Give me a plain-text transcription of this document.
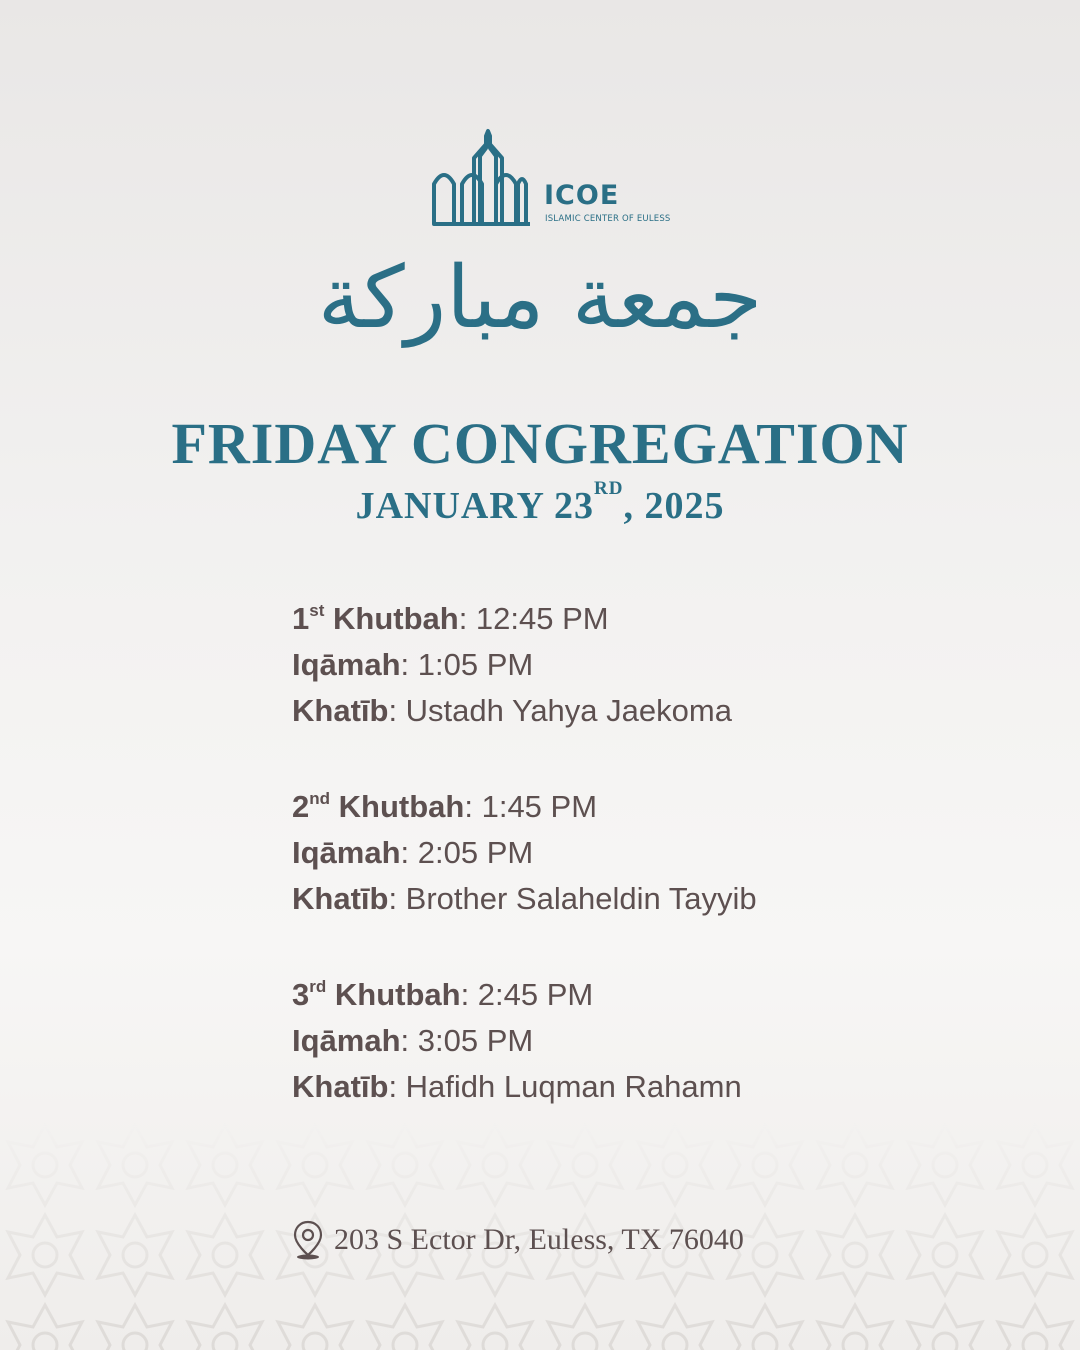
ICOE
ISLAMIC CENTER OF EULESS
جمعة مباركة
FRIDAY CONGREGATION
JANUARY 23RD, 2025
1st Khutbah: 12:45 PM
Iqāmah: 1:05 PM
Khatīb: Ustadh Yahya Jaekoma
2nd Khutbah: 1:45 PM
Iqāmah: 2:05 PM
Khatīb: Brother Salaheldin Tayyib
3rd Khutbah: 2:45 PM
Iqāmah: 3:05 PM
Khatīb: Hafidh Luqman Rahamn
203 S Ector Dr, Euless, TX 76040
